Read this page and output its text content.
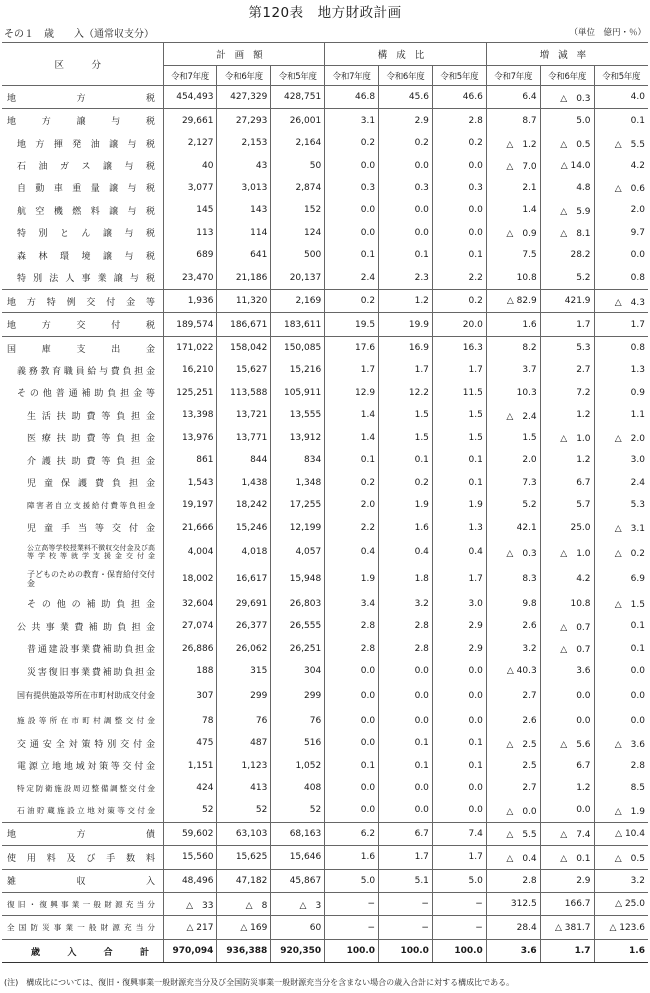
第120表　地方財政計画
その１　歳　　入（通常収支分）	（単位　億円・％）
区　分	計画額			構成比			増減率		
	令和7年度	令和6年度	令和5年度	令和7年度	令和6年度	令和5年度	令和7年度	令和6年度	令和5年度

地方税	454,493	427,329	428,751	46.8	45.6	46.6	6.4	△　0.3	4.0

地方譲与税	29,661	27,293	26,001	3.1	2.9	2.8	8.7	5.0	0.1

地方揮発油譲与税	2,127	2,153	2,164	0.2	0.2	0.2	△　1.2	△　0.5	△　5.5

石油ガス譲与税	40	43	50	0.0	0.0	0.0	△　7.0	△ 14.0	4.2

自動車重量譲与税	3,077	3,013	2,874	0.3	0.3	0.3	2.1	4.8	△　0.6

航空機燃料譲与税	145	143	152	0.0	0.0	0.0	1.4	△　5.9	2.0

特別とん譲与税	113	114	124	0.0	0.0	0.0	△　0.9	△　8.1	9.7

森林環境譲与税	689	641	500	0.1	0.1	0.1	7.5	28.2	0.0

特別法人事業譲与税	23,470	21,186	20,137	2.4	2.3	2.2	10.8	5.2	0.8

地方特例交付金等	1,936	11,320	2,169	0.2	1.2	0.2	△ 82.9	421.9	△　4.3

地方交付税	189,574	186,671	183,611	19.5	19.9	20.0	1.6	1.7	1.7

国庫支出金	171,022	158,042	150,085	17.6	16.9	16.3	8.2	5.3	0.8

義務教育職員給与費負担金	16,210	15,627	15,216	1.7	1.7	1.7	3.7	2.7	1.3

その他普通補助負担金等	125,251	113,588	105,911	12.9	12.2	11.5	10.3	7.2	0.9

生活扶助費等負担金	13,398	13,721	13,555	1.4	1.5	1.5	△　2.4	1.2	1.1

医療扶助費等負担金	13,976	13,771	13,912	1.4	1.5	1.5	1.5	△　1.0	△　2.0

介護扶助費等負担金	861	844	834	0.1	0.1	0.1	2.0	1.2	3.0

児童保護費負担金	1,543	1,438	1,348	0.2	0.2	0.1	7.3	6.7	2.4

障害者自立支援給付費等負担金	19,197	18,242	17,255	2.0	1.9	1.9	5.2	5.7	5.3

児童手当等交付金	21,666	15,246	12,199	2.2	1.6	1.3	42.1	25.0	△　3.1

公立高等学校授業料不徴収交付金及び高等学校等就学支援金交付金	4,004	4,018	4,057	0.4	0.4	0.4	△　0.3	△　1.0	△　0.2

子どものための教育・保育給付交付金	18,002	16,617	15,948	1.9	1.8	1.7	8.3	4.2	6.9

その他の補助負担金	32,604	29,691	26,803	3.4	3.2	3.0	9.8	10.8	△　1.5

公共事業費補助負担金	27,074	26,377	26,555	2.8	2.8	2.9	2.6	△　0.7	0.1

普通建設事業費補助負担金	26,886	26,062	26,251	2.8	2.8	2.9	3.2	△　0.7	0.1

災害復旧事業費補助負担金	188	315	304	0.0	0.0	0.0	△ 40.3	3.6	0.0

国有提供施設等所在市町村助成交付金	307	299	299	0.0	0.0	0.0	2.7	0.0	0.0

施設等所在市町村調整交付金	78	76	76	0.0	0.0	0.0	2.6	0.0	0.0

交通安全対策特別交付金	475	487	516	0.0	0.1	0.1	△　2.5	△　5.6	△　3.6

電源立地地域対策等交付金	1,151	1,123	1,052	0.1	0.1	0.1	2.5	6.7	2.8

特定防衛施設周辺整備調整交付金	424	413	408	0.0	0.0	0.0	2.7	1.2	8.5

石油貯蔵施設立地対策等交付金	52	52	52	0.0	0.0	0.0	△　0.0	0.0	△　1.9

地方債	59,602	63,103	68,163	6.2	6.7	7.4	△　5.5	△　7.4	△ 10.4

使用料及び手数料	15,560	15,625	15,646	1.6	1.7	1.7	△　0.4	△　0.1	△　0.5

雑収入	48,496	47,182	45,867	5.0	5.1	5.0	2.8	2.9	3.2

復旧・復興事業一般財源充当分	△　33	△　8	△　3	−	−	−	312.5	166.7	△ 25.0

全国防災事業一般財源充当分	△ 217	△ 169	60	−	−	−	28.4	△ 381.7	△ 123.6

歳入合計	970,094	936,388	920,350	100.0	100.0	100.0	3.6	1.7	1.6
(注)　構成比については、復旧・復興事業一般財源充当分及び全国防災事業一般財源充当分を含まない場合の歳入合計に対する構成比である。
